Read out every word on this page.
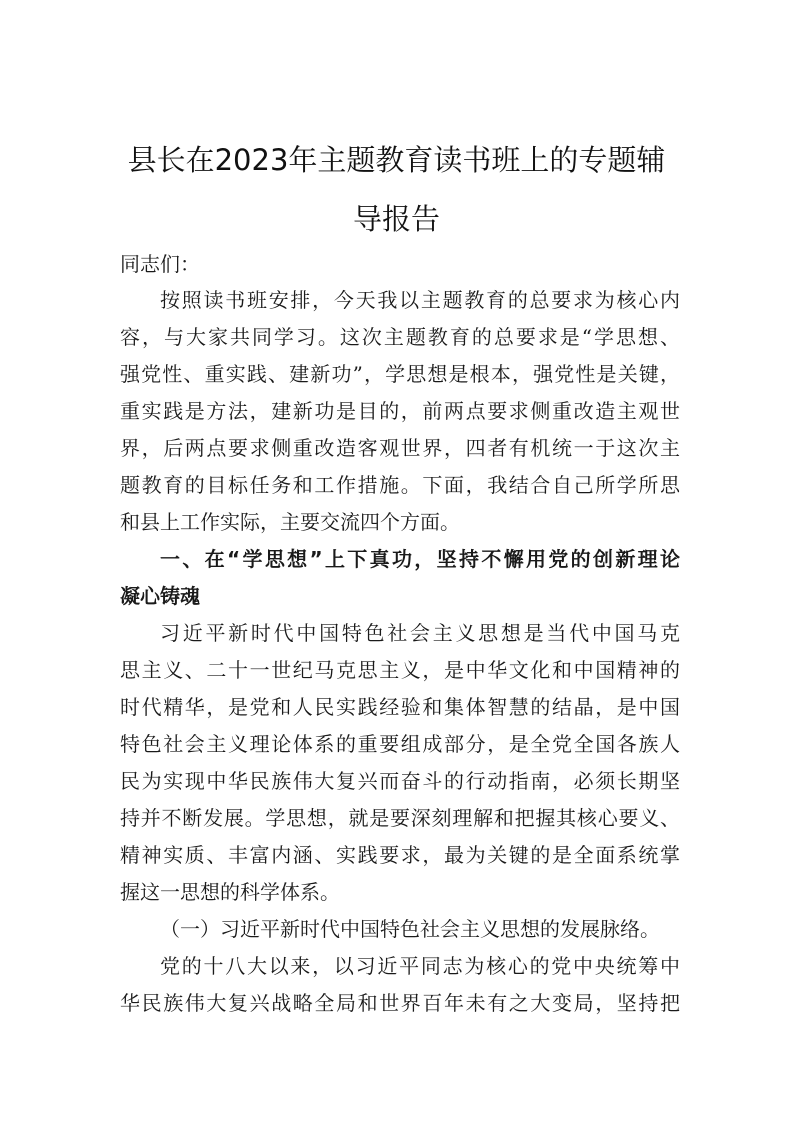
县长在2023年主题教育读书班上的专题辅
导报告
同志们：
按照读书班安排，今天我以主题教育的总要求为核心内
容，与大家共同学习。这次主题教育的总要求是“学思想、
强党性、重实践、建新功”，学思想是根本，强党性是关键，
重实践是方法，建新功是目的，前两点要求侧重改造主观世
界，后两点要求侧重改造客观世界，四者有机统一于这次主
题教育的目标任务和工作措施。下面，我结合自己所学所思
和县上工作实际，主要交流四个方面。
一、在“学思想”上下真功，坚持不懈用党的创新理论
凝心铸魂
习近平新时代中国特色社会主义思想是当代中国马克
思主义、二十一世纪马克思主义，是中华文化和中国精神的
时代精华，是党和人民实践经验和集体智慧的结晶，是中国
特色社会主义理论体系的重要组成部分，是全党全国各族人
民为实现中华民族伟大复兴而奋斗的行动指南，必须长期坚
持并不断发展。学思想，就是要深刻理解和把握其核心要义、
精神实质、丰富内涵、实践要求，最为关键的是全面系统掌
握这一思想的科学体系。
（一）习近平新时代中国特色社会主义思想的发展脉络。
党的十八大以来，以习近平同志为核心的党中央统筹中
华民族伟大复兴战略全局和世界百年未有之大变局，坚持把
